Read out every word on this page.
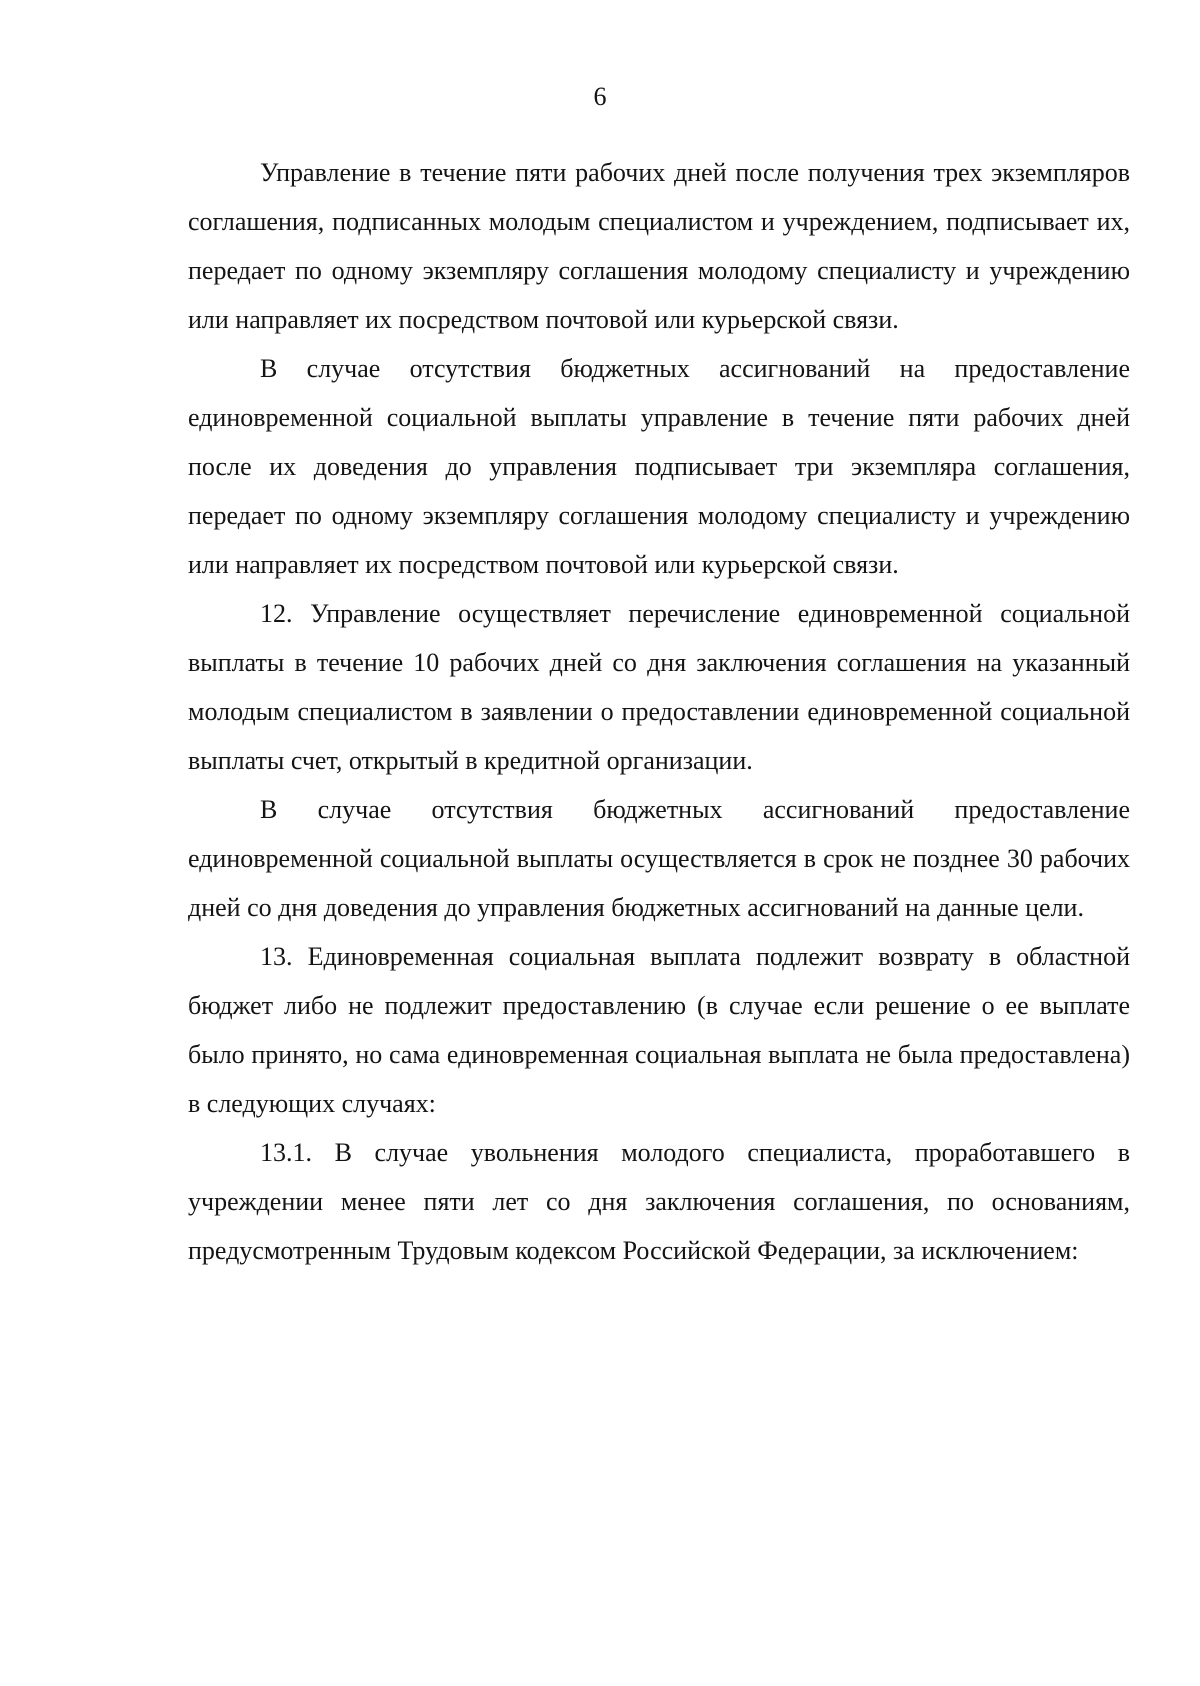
6

Управление в течение пяти рабочих дней после получения трех экземпляров соглашения, подписанных молодым специалистом и учреждением, подписывает их, передает по одному экземпляру соглашения молодому специалисту и учреждению или направляет их посредством почтовой или курьерской связи.

В случае отсутствия бюджетных ассигнований на предоставление единовременной социальной выплаты управление в течение пяти рабочих дней после их доведения до управления подписывает три экземпляра соглашения, передает по одному экземпляру соглашения молодому специалисту и учреждению или направляет их посредством почтовой или курьерской связи.

12. Управление осуществляет перечисление единовременной социальной выплаты в течение 10 рабочих дней со дня заключения соглашения на указанный молодым специалистом в заявлении о предоставлении единовременной социальной выплаты счет, открытый в кредитной организации.

В случае отсутствия бюджетных ассигнований предоставление единовременной социальной выплаты осуществляется в срок не позднее 30 рабочих дней со дня доведения до управления бюджетных ассигнований на данные цели.

13. Единовременная социальная выплата подлежит возврату в областной бюджет либо не подлежит предоставлению (в случае если решение о ее выплате было принято, но сама единовременная социальная выплата не была предоставлена) в следующих случаях:

13.1. В случае увольнения молодого специалиста, проработавшего в учреждении менее пяти лет со дня заключения соглашения, по основаниям, предусмотренным Трудовым кодексом Российской Федерации, за исключением:
